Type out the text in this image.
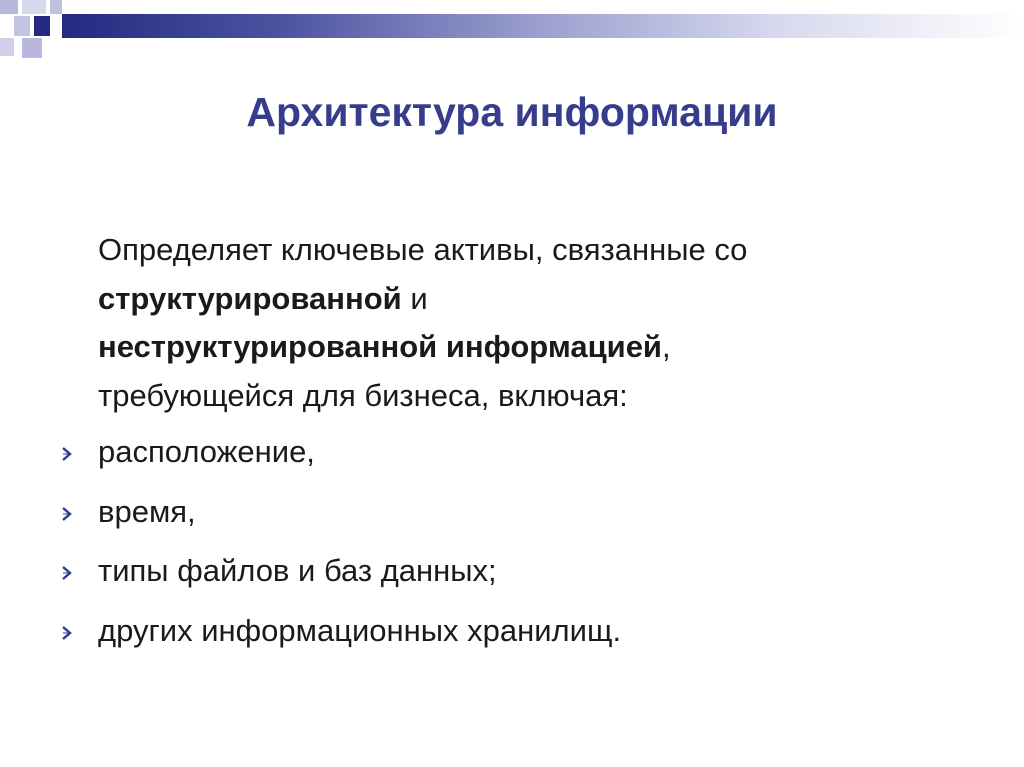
Архитектура информации

Определяет ключевые активы, связанные со
структурированной и
неструктурированной информацией,
требующейся для бизнеса, включая:

расположение,
время,
типы файлов и баз данных;
других информационных хранилищ.
